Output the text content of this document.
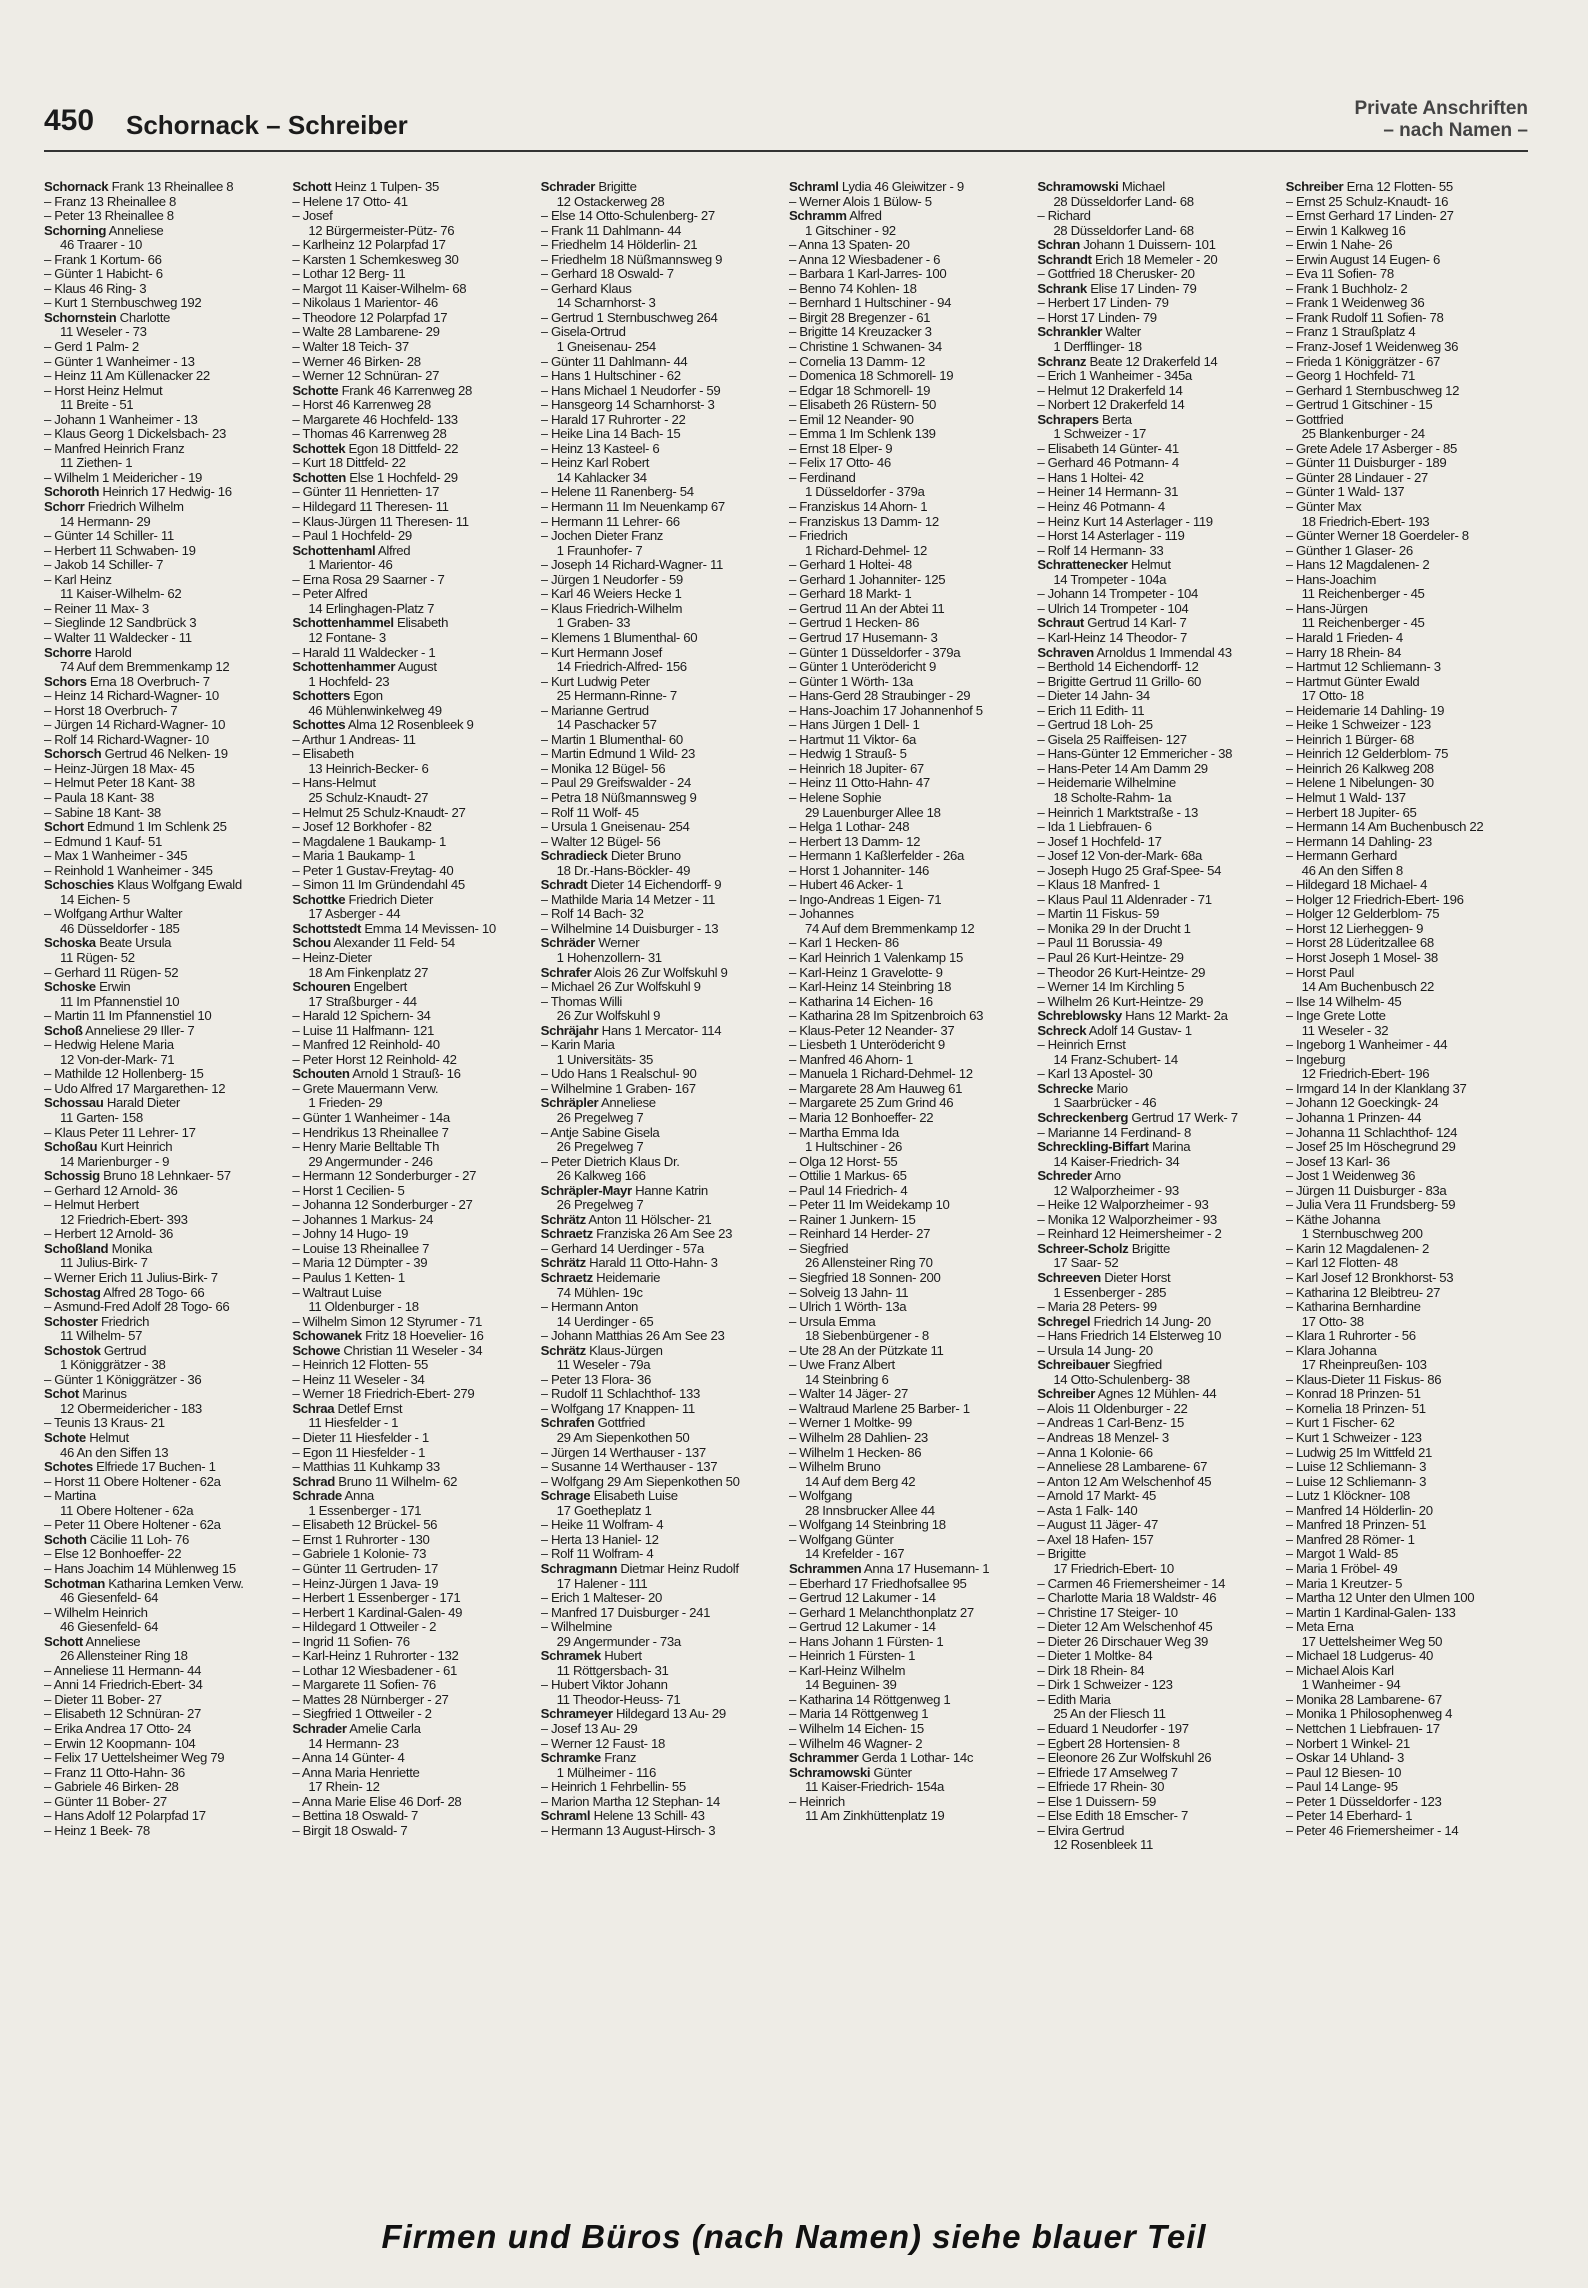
450 Schornack – Schreiber
Private Anschriften
– nach Namen –
Schornack Frank 13 Rheinallee 8
– Franz 13 Rheinallee 8
– Peter 13 Rheinallee 8
Schorning Anneliese
46 Traarer - 10
– Frank 1 Kortum- 66
– Günter 1 Habicht- 6
– Klaus 46 Ring- 3
– Kurt 1 Sternbuschweg 192
Schornstein Charlotte
11 Weseler - 73
– Gerd 1 Palm- 2
– Günter 1 Wanheimer - 13
– Heinz 11 Am Küllenacker 22
– Horst Heinz Helmut
11 Breite - 51
– Johann 1 Wanheimer - 13
– Klaus Georg 1 Dickelsbach- 23
– Manfred Heinrich Franz
11 Ziethen- 1
– Wilhelm 1 Meidericher - 19
Schoroth Heinrich 17 Hedwig- 16
Schorr Friedrich Wilhelm
14 Hermann- 29
– Günter 14 Schiller- 11
– Herbert 11 Schwaben- 19
– Jakob 14 Schiller- 7
– Karl Heinz
11 Kaiser-Wilhelm- 62
– Reiner 11 Max- 3
– Sieglinde 12 Sandbrück 3
– Walter 11 Waldecker - 11
Schorre Harold
74 Auf dem Bremmenkamp 12
Schors Erna 18 Overbruch- 7
– Heinz 14 Richard-Wagner- 10
– Horst 18 Overbruch- 7
– Jürgen 14 Richard-Wagner- 10
– Rolf 14 Richard-Wagner- 10
Schorsch Gertrud 46 Nelken- 19
– Heinz-Jürgen 18 Max- 45
– Helmut Peter 18 Kant- 38
– Paula 18 Kant- 38
– Sabine 18 Kant- 38
Schort Edmund 1 Im Schlenk 25
– Edmund 1 Kauf- 51
– Max 1 Wanheimer - 345
– Reinhold 1 Wanheimer - 345
Schoschies Klaus Wolfgang Ewald
14 Eichen- 5
– Wolfgang Arthur Walter
46 Düsseldorfer - 185
Schoska Beate Ursula
11 Rügen- 52
– Gerhard 11 Rügen- 52
Schoske Erwin
11 Im Pfannenstiel 10
– Martin 11 Im Pfannenstiel 10
Schoß Anneliese 29 Iller- 7
– Hedwig Helene Maria
12 Von-der-Mark- 71
– Mathilde 12 Hollenberg- 15
– Udo Alfred 17 Margarethen- 12
Schossau Harald Dieter
11 Garten- 158
– Klaus Peter 11 Lehrer- 17
Schoßau Kurt Heinrich
14 Marienburger - 9
Schossig Bruno 18 Lehnkaer- 57
– Gerhard 12 Arnold- 36
– Helmut Herbert
12 Friedrich-Ebert- 393
– Herbert 12 Arnold- 36
Schoßland Monika
11 Julius-Birk- 7
– Werner Erich 11 Julius-Birk- 7
Schostag Alfred 28 Togo- 66
– Asmund-Fred Adolf 28 Togo- 66
Schoster Friedrich
11 Wilhelm- 57
Schostok Gertrud
1 Königgrätzer - 38
– Günter 1 Königgrätzer - 36
Schot Marinus
12 Obermeidericher - 183
– Teunis 13 Kraus- 21
Schote Helmut
46 An den Siffen 13
Schotes Elfriede 17 Buchen- 1
– Horst 11 Obere Holtener - 62a
– Martina
11 Obere Holtener - 62a
– Peter 11 Obere Holtener - 62a
Schoth Cäcilie 11 Loh- 76
– Else 12 Bonhoeffer- 22
– Hans Joachim 14 Mühlenweg 15
Schotman Katharina Lemken Verw.
46 Giesenfeld- 64
– Wilhelm Heinrich
46 Giesenfeld- 64
Schott Anneliese
26 Allensteiner Ring 18
– Anneliese 11 Hermann- 44
– Anni 14 Friedrich-Ebert- 34
– Dieter 11 Bober- 27
– Elisabeth 12 Schnüran- 27
– Erika Andrea 17 Otto- 24
– Erwin 12 Koopmann- 104
– Felix 17 Uettelsheimer Weg 79
– Franz 11 Otto-Hahn- 36
– Gabriele 46 Birken- 28
– Günter 11 Bober- 27
– Hans Adolf 12 Polarpfad 17
– Heinz 1 Beek- 78
Schott Heinz 1 Tulpen- 35
– Helene 17 Otto- 41
– Josef
12 Bürgermeister-Pütz- 76
– Karlheinz 12 Polarpfad 17
– Karsten 1 Schemkesweg 30
– Lothar 12 Berg- 11
– Margot 11 Kaiser-Wilhelm- 68
– Nikolaus 1 Marientor- 46
– Theodore 12 Polarpfad 17
– Walte 28 Lambarene- 29
– Walter 18 Teich- 37
– Werner 46 Birken- 28
– Werner 12 Schnüran- 27
Schotte Frank 46 Karrenweg 28
– Horst 46 Karrenweg 28
– Margarete 46 Hochfeld- 133
– Thomas 46 Karrenweg 28
Schottek Egon 18 Dittfeld- 22
– Kurt 18 Dittfeld- 22
Schotten Else 1 Hochfeld- 29
– Günter 11 Henrietten- 17
– Hildegard 11 Theresen- 11
– Klaus-Jürgen 11 Theresen- 11
– Paul 1 Hochfeld- 29
Schottenhaml Alfred
1 Marientor- 46
– Erna Rosa 29 Saarner - 7
– Peter Alfred
14 Erlinghagen-Platz 7
Schottenhammel Elisabeth
12 Fontane- 3
– Harald 11 Waldecker - 1
Schottenhammer August
1 Hochfeld- 23
Schotters Egon
46 Mühlenwinkelweg 49
Schottes Alma 12 Rosenbleek 9
– Arthur 1 Andreas- 11
– Elisabeth
13 Heinrich-Becker- 6
– Hans-Helmut
25 Schulz-Knaudt- 27
– Helmut 25 Schulz-Knaudt- 27
– Josef 12 Borkhofer - 82
– Magdalene 1 Baukamp- 1
– Maria 1 Baukamp- 1
– Peter 1 Gustav-Freytag- 40
– Simon 11 Im Gründendahl 45
Schottke Friedrich Dieter
17 Asberger - 44
Schottstedt Emma 14 Mevissen- 10
Schou Alexander 11 Feld- 54
– Heinz-Dieter
18 Am Finkenplatz 27
Schouren Engelbert
17 Straßburger - 44
– Harald 12 Spichern- 34
– Luise 11 Halfmann- 121
– Manfred 12 Reinhold- 40
– Peter Horst 12 Reinhold- 42
Schouten Arnold 1 Strauß- 16
– Grete Mauermann Verw.
1 Frieden- 29
– Günter 1 Wanheimer - 14a
– Hendrikus 13 Rheinallee 7
– Henry Marie Belltable Th
29 Angermunder - 246
– Hermann 12 Sonderburger - 27
– Horst 1 Cecilien- 5
– Johanna 12 Sonderburger - 27
– Johannes 1 Markus- 24
– Johny 14 Hugo- 19
– Louise 13 Rheinallee 7
– Maria 12 Dümpter - 39
– Paulus 1 Ketten- 1
– Waltraut Luise
11 Oldenburger - 18
– Wilhelm Simon 12 Styrumer - 71
Schowanek Fritz 18 Hoevelier- 16
Schowe Christian 11 Weseler - 34
– Heinrich 12 Flotten- 55
– Heinz 11 Weseler - 34
– Werner 18 Friedrich-Ebert- 279
Schraa Detlef Ernst
11 Hiesfelder - 1
– Dieter 11 Hiesfelder - 1
– Egon 11 Hiesfelder - 1
– Matthias 11 Kuhkamp 33
Schrad Bruno 11 Wilhelm- 62
Schrade Anna
1 Essenberger - 171
– Elisabeth 12 Brückel- 56
– Ernst 1 Ruhrorter - 130
– Gabriele 1 Kolonie- 73
– Günter 11 Gertruden- 17
– Heinz-Jürgen 1 Java- 19
– Herbert 1 Essenberger - 171
– Herbert 1 Kardinal-Galen- 49
– Hildegard 1 Ottweiler - 2
– Ingrid 11 Sofien- 76
– Karl-Heinz 1 Ruhrorter - 132
– Lothar 12 Wiesbadener - 61
– Margarete 11 Sofien- 76
– Mattes 28 Nürnberger - 27
– Siegfried 1 Ottweiler - 2
Schrader Amelie Carla
14 Hermann- 23
– Anna 14 Günter- 4
– Anna Maria Henriette
17 Rhein- 12
– Anna Marie Elise 46 Dorf- 28
– Bettina 18 Oswald- 7
– Birgit 18 Oswald- 7
Schrader Brigitte
12 Ostackerweg 28
– Else 14 Otto-Schulenberg- 27
– Frank 11 Dahlmann- 44
– Friedhelm 14 Hölderlin- 21
– Friedhelm 18 Nüßmannsweg 9
– Gerhard 18 Oswald- 7
– Gerhard Klaus
14 Scharnhorst- 3
– Gertrud 1 Sternbuschweg 264
– Gisela-Ortrud
1 Gneisenau- 254
– Günter 11 Dahlmann- 44
– Hans 1 Hultschiner - 62
– Hans Michael 1 Neudorfer - 59
– Hansgeorg 14 Scharnhorst- 3
– Harald 17 Ruhrorter - 22
– Heike Lina 14 Bach- 15
– Heinz 13 Kasteel- 6
– Heinz Karl Robert
14 Kahlacker 34
– Helene 11 Ranenberg- 54
– Hermann 11 Im Neuenkamp 67
– Hermann 11 Lehrer- 66
– Jochen Dieter Franz
1 Fraunhofer- 7
– Joseph 14 Richard-Wagner- 11
– Jürgen 1 Neudorfer - 59
– Karl 46 Weiers Hecke 1
– Klaus Friedrich-Wilhelm
1 Graben- 33
– Klemens 1 Blumenthal- 60
– Kurt Hermann Josef
14 Friedrich-Alfred- 156
– Kurt Ludwig Peter
25 Hermann-Rinne- 7
– Marianne Gertrud
14 Paschacker 57
– Martin 1 Blumenthal- 60
– Martin Edmund 1 Wild- 23
– Monika 12 Bügel- 56
– Paul 29 Greifswalder - 24
– Petra 18 Nüßmannsweg 9
– Rolf 11 Wolf- 45
– Ursula 1 Gneisenau- 254
– Walter 12 Bügel- 56
Schradieck Dieter Bruno
18 Dr.-Hans-Böckler- 49
Schradt Dieter 14 Eichendorff- 9
– Mathilde Maria 14 Metzer - 11
– Rolf 14 Bach- 32
– Wilhelmine 14 Duisburger - 13
Schräder Werner
1 Hohenzollern- 31
Schrafer Alois 26 Zur Wolfskuhl 9
– Michael 26 Zur Wolfskuhl 9
– Thomas Willi
26 Zur Wolfskuhl 9
Schräjahr Hans 1 Mercator- 114
– Karin Maria
1 Universitäts- 35
– Udo Hans 1 Realschul- 90
– Wilhelmine 1 Graben- 167
Schräpler Anneliese
26 Pregelweg 7
– Antje Sabine Gisela
26 Pregelweg 7
– Peter Dietrich Klaus Dr.
26 Kalkweg 166
Schräpler-Mayr Hanne Katrin
26 Pregelweg 7
Schrätz Anton 11 Hölscher- 21
Schraetz Franziska 26 Am See 23
– Gerhard 14 Uerdinger - 57a
Schrätz Harald 11 Otto-Hahn- 3
Schraetz Heidemarie
74 Mühlen- 19c
– Hermann Anton
14 Uerdinger - 65
– Johann Matthias 26 Am See 23
Schrätz Klaus-Jürgen
11 Weseler - 79a
– Peter 13 Flora- 36
– Rudolf 11 Schlachthof- 133
– Wolfgang 17 Knappen- 11
Schrafen Gottfried
29 Am Siepenkothen 50
– Jürgen 14 Werthauser - 137
– Susanne 14 Werthauser - 137
– Wolfgang 29 Am Siepenkothen 50
Schrage Elisabeth Luise
17 Goetheplatz 1
– Heike 11 Wolfram- 4
– Herta 13 Haniel- 12
– Rolf 11 Wolfram- 4
Schragmann Dietmar Heinz Rudolf
17 Halener - 111
– Erich 1 Malteser- 20
– Manfred 17 Duisburger - 241
– Wilhelmine
29 Angermunder - 73a
Schramek Hubert
11 Röttgersbach- 31
– Hubert Viktor Johann
11 Theodor-Heuss- 71
Schrameyer Hildegard 13 Au- 29
– Josef 13 Au- 29
– Werner 12 Faust- 18
Schramke Franz
1 Mülheimer - 116
– Heinrich 1 Fehrbellin- 55
– Marion Martha 12 Stephan- 14
Schraml Helene 13 Schill- 43
– Hermann 13 August-Hirsch- 3
Schraml Lydia 46 Gleiwitzer - 9
– Werner Alois 1 Bülow- 5
Schramm Alfred
1 Gitschiner - 92
– Anna 13 Spaten- 20
– Anna 12 Wiesbadener - 6
– Barbara 1 Karl-Jarres- 100
– Benno 74 Kohlen- 18
– Bernhard 1 Hultschiner - 94
– Birgit 28 Bregenzer - 61
– Brigitte 14 Kreuzacker 3
– Christine 1 Schwanen- 34
– Cornelia 13 Damm- 12
– Domenica 18 Schmorell- 19
– Edgar 18 Schmorell- 19
– Elisabeth 26 Rüstern- 50
– Emil 12 Neander- 90
– Emma 1 Im Schlenk 139
– Ernst 18 Elper- 9
– Felix 17 Otto- 46
– Ferdinand
1 Düsseldorfer - 379a
– Franziskus 14 Ahorn- 1
– Franziskus 13 Damm- 12
– Friedrich
1 Richard-Dehmel- 12
– Gerhard 1 Holtei- 48
– Gerhard 1 Johanniter- 125
– Gerhard 18 Markt- 1
– Gertrud 11 An der Abtei 11
– Gertrud 1 Hecken- 86
– Gertrud 17 Husemann- 3
– Günter 1 Düsseldorfer - 379a
– Günter 1 Unterödericht 9
– Günter 1 Wörth- 13a
– Hans-Gerd 28 Straubinger - 29
– Hans-Joachim 17 Johannenhof 5
– Hans Jürgen 1 Dell- 1
– Hartmut 11 Viktor- 6a
– Hedwig 1 Strauß- 5
– Heinrich 18 Jupiter- 67
– Heinz 11 Otto-Hahn- 47
– Helene Sophie
29 Lauenburger Allee 18
– Helga 1 Lothar- 248
– Herbert 13 Damm- 12
– Hermann 1 Kaßlerfelder - 26a
– Horst 1 Johanniter- 146
– Hubert 46 Acker- 1
– Ingo-Andreas 1 Eigen- 71
– Johannes
74 Auf dem Bremmenkamp 12
– Karl 1 Hecken- 86
– Karl Heinrich 1 Valenkamp 15
– Karl-Heinz 1 Gravelotte- 9
– Karl-Heinz 14 Steinbring 18
– Katharina 14 Eichen- 16
– Katharina 28 Im Spitzenbroich 63
– Klaus-Peter 12 Neander- 37
– Liesbeth 1 Unterödericht 9
– Manfred 46 Ahorn- 1
– Manuela 1 Richard-Dehmel- 12
– Margarete 28 Am Hauweg 61
– Margarete 25 Zum Grind 46
– Maria 12 Bonhoeffer- 22
– Martha Emma Ida
1 Hultschiner - 26
– Olga 12 Horst- 55
– Ottilie 1 Markus- 65
– Paul 14 Friedrich- 4
– Peter 11 Im Weidekamp 10
– Rainer 1 Junkern- 15
– Reinhard 14 Herder- 27
– Siegfried
26 Allensteiner Ring 70
– Siegfried 18 Sonnen- 200
– Solveig 13 Jahn- 11
– Ulrich 1 Wörth- 13a
– Ursula Emma
18 Siebenbürgener - 8
– Ute 28 An der Pützkate 11
– Uwe Franz Albert
14 Steinbring 6
– Walter 14 Jäger- 27
– Waltraud Marlene 25 Barber- 1
– Werner 1 Moltke- 99
– Wilhelm 28 Dahlien- 23
– Wilhelm 1 Hecken- 86
– Wilhelm Bruno
14 Auf dem Berg 42
– Wolfgang
28 Innsbrucker Allee 44
– Wolfgang 14 Steinbring 18
– Wolfgang Günter
14 Krefelder - 167
Schrammen Anna 17 Husemann- 1
– Eberhard 17 Friedhofsallee 95
– Gertrud 12 Lakumer - 14
– Gerhard 1 Melanchthonplatz 27
– Gertrud 12 Lakumer - 14
– Hans Johann 1 Fürsten- 1
– Heinrich 1 Fürsten- 1
– Karl-Heinz Wilhelm
14 Beguinen- 39
– Katharina 14 Röttgenweg 1
– Maria 14 Röttgenweg 1
– Wilhelm 14 Eichen- 15
– Wilhelm 46 Wagner- 2
Schrammer Gerda 1 Lothar- 14c
Schramowski Günter
11 Kaiser-Friedrich- 154a
– Heinrich
11 Am Zinkhüttenplatz 19
Schramowski Michael
28 Düsseldorfer Land- 68
– Richard
28 Düsseldorfer Land- 68
Schran Johann 1 Duissern- 101
Schrandt Erich 18 Memeler - 20
– Gottfried 18 Cherusker- 20
Schrank Elise 17 Linden- 79
– Herbert 17 Linden- 79
– Horst 17 Linden- 79
Schrankler Walter
1 Derfflinger- 18
Schranz Beate 12 Drakerfeld 14
– Erich 1 Wanheimer - 345a
– Helmut 12 Drakerfeld 14
– Norbert 12 Drakerfeld 14
Schrapers Berta
1 Schweizer - 17
– Elisabeth 14 Günter- 41
– Gerhard 46 Potmann- 4
– Hans 1 Holtei- 42
– Heiner 14 Hermann- 31
– Heinz 46 Potmann- 4
– Heinz Kurt 14 Asterlager - 119
– Horst 14 Asterlager - 119
– Rolf 14 Hermann- 33
Schrattenecker Helmut
14 Trompeter - 104a
– Johann 14 Trompeter - 104
– Ulrich 14 Trompeter - 104
Schraut Gertrud 14 Karl- 7
– Karl-Heinz 14 Theodor- 7
Schraven Arnoldus 1 Immendal 43
– Berthold 14 Eichendorff- 12
– Brigitte Gertrud 11 Grillo- 60
– Dieter 14 Jahn- 34
– Erich 11 Edith- 11
– Gertrud 18 Loh- 25
– Gisela 25 Raiffeisen- 127
– Hans-Günter 12 Emmericher - 38
– Hans-Peter 14 Am Damm 29
– Heidemarie Wilhelmine
18 Scholte-Rahm- 1a
– Heinrich 1 Marktstraße - 13
– Ida 1 Liebfrauen- 6
– Josef 1 Hochfeld- 17
– Josef 12 Von-der-Mark- 68a
– Joseph Hugo 25 Graf-Spee- 54
– Klaus 18 Manfred- 1
– Klaus Paul 11 Aldenrader - 71
– Martin 11 Fiskus- 59
– Monika 29 In der Drucht 1
– Paul 11 Borussia- 49
– Paul 26 Kurt-Heintze- 29
– Theodor 26 Kurt-Heintze- 29
– Werner 14 Im Kirchling 5
– Wilhelm 26 Kurt-Heintze- 29
Schreblowsky Hans 12 Markt- 2a
Schreck Adolf 14 Gustav- 1
– Heinrich Ernst
14 Franz-Schubert- 14
– Karl 13 Apostel- 30
Schrecke Mario
1 Saarbrücker - 46
Schreckenberg Gertrud 17 Werk- 7
– Marianne 14 Ferdinand- 8
Schreckling-Biffart Marina
14 Kaiser-Friedrich- 34
Schreder Arno
12 Walporzheimer - 93
– Heike 12 Walporzheimer - 93
– Monika 12 Walporzheimer - 93
– Reinhard 12 Heimersheimer - 2
Schreer-Scholz Brigitte
17 Saar- 52
Schreeven Dieter Horst
1 Essenberger - 285
– Maria 28 Peters- 99
Schregel Friedrich 14 Jung- 20
– Hans Friedrich 14 Elsterweg 10
– Ursula 14 Jung- 20
Schreibauer Siegfried
14 Otto-Schulenberg- 38
Schreiber Agnes 12 Mühlen- 44
– Alois 11 Oldenburger - 22
– Andreas 1 Carl-Benz- 15
– Andreas 18 Menzel- 3
– Anna 1 Kolonie- 66
– Anneliese 28 Lambarene- 67
– Anton 12 Am Welschenhof 45
– Arnold 17 Markt- 45
– Asta 1 Falk- 140
– August 11 Jäger- 47
– Axel 18 Hafen- 157
– Brigitte
17 Friedrich-Ebert- 10
– Carmen 46 Friemersheimer - 14
– Charlotte Maria 18 Waldstr- 46
– Christine 17 Steiger- 10
– Dieter 12 Am Welschenhof 45
– Dieter 26 Dirschauer Weg 39
– Dieter 1 Moltke- 84
– Dirk 18 Rhein- 84
– Dirk 1 Schweizer - 123
– Edith Maria
25 An der Fliesch 11
– Eduard 1 Neudorfer - 197
– Egbert 28 Hortensien- 8
– Eleonore 26 Zur Wolfskuhl 26
– Elfriede 17 Amselweg 7
– Elfriede 17 Rhein- 30
– Else 1 Duissern- 59
– Else Edith 18 Emscher- 7
– Elvira Gertrud
12 Rosenbleek 11
Schreiber Erna 12 Flotten- 55
– Ernst 25 Schulz-Knaudt- 16
– Ernst Gerhard 17 Linden- 27
– Erwin 1 Kalkweg 16
– Erwin 1 Nahe- 26
– Erwin August 14 Eugen- 6
– Eva 11 Sofien- 78
– Frank 1 Buchholz- 2
– Frank 1 Weidenweg 36
– Frank Rudolf 11 Sofien- 78
– Franz 1 Straußplatz 4
– Franz-Josef 1 Weidenweg 36
– Frieda 1 Königgrätzer - 67
– Georg 1 Hochfeld- 71
– Gerhard 1 Sternbuschweg 12
– Gertrud 1 Gitschiner - 15
– Gottfried
25 Blankenburger - 24
– Grete Adele 17 Asberger - 85
– Günter 11 Duisburger - 189
– Günter 28 Lindauer - 27
– Günter 1 Wald- 137
– Günter Max
18 Friedrich-Ebert- 193
– Günter Werner 18 Goerdeler- 8
– Günther 1 Glaser- 26
– Hans 12 Magdalenen- 2
– Hans-Joachim
11 Reichenberger - 45
– Hans-Jürgen
11 Reichenberger - 45
– Harald 1 Frieden- 4
– Harry 18 Rhein- 84
– Hartmut 12 Schliemann- 3
– Hartmut Günter Ewald
17 Otto- 18
– Heidemarie 14 Dahling- 19
– Heike 1 Schweizer - 123
– Heinrich 1 Bürger- 68
– Heinrich 12 Gelderblom- 75
– Heinrich 26 Kalkweg 208
– Helene 1 Nibelungen- 30
– Helmut 1 Wald- 137
– Herbert 18 Jupiter- 65
– Hermann 14 Am Buchenbusch 22
– Hermann 14 Dahling- 23
– Hermann Gerhard
46 An den Siffen 8
– Hildegard 18 Michael- 4
– Holger 12 Friedrich-Ebert- 196
– Holger 12 Gelderblom- 75
– Horst 12 Lierheggen- 9
– Horst 28 Lüderitzallee 68
– Horst Joseph 1 Mosel- 38
– Horst Paul
14 Am Buchenbusch 22
– Ilse 14 Wilhelm- 45
– Inge Grete Lotte
11 Weseler - 32
– Ingeborg 1 Wanheimer - 44
– Ingeburg
12 Friedrich-Ebert- 196
– Irmgard 14 In der Klanklang 37
– Johann 12 Goeckingk- 24
– Johanna 1 Prinzen- 44
– Johanna 11 Schlachthof- 124
– Josef 25 Im Höschegrund 29
– Josef 13 Karl- 36
– Jost 1 Weidenweg 36
– Jürgen 11 Duisburger - 83a
– Julia Vera 11 Frundsberg- 59
– Käthe Johanna
1 Sternbuschweg 200
– Karin 12 Magdalenen- 2
– Karl 12 Flotten- 48
– Karl Josef 12 Bronkhorst- 53
– Katharina 12 Bleibtreu- 27
– Katharina Bernhardine
17 Otto- 38
– Klara 1 Ruhrorter - 56
– Klara Johanna
17 Rheinpreußen- 103
– Klaus-Dieter 11 Fiskus- 86
– Konrad 18 Prinzen- 51
– Kornelia 18 Prinzen- 51
– Kurt 1 Fischer- 62
– Kurt 1 Schweizer - 123
– Ludwig 25 Im Wittfeld 21
– Luise 12 Schliemann- 3
– Luise 12 Schliemann- 3
– Lutz 1 Klöckner- 108
– Manfred 14 Hölderlin- 20
– Manfred 18 Prinzen- 51
– Manfred 28 Römer- 1
– Margot 1 Wald- 85
– Maria 1 Fröbel- 49
– Maria 1 Kreutzer- 5
– Martha 12 Unter den Ulmen 100
– Martin 1 Kardinal-Galen- 133
– Meta Erna
17 Uettelsheimer Weg 50
– Michael 18 Ludgerus- 40
– Michael Alois Karl
1 Wanheimer - 94
– Monika 28 Lambarene- 67
– Monika 1 Philosophenweg 4
– Nettchen 1 Liebfrauen- 17
– Norbert 1 Winkel- 21
– Oskar 14 Uhland- 3
– Paul 12 Biesen- 10
– Paul 14 Lange- 95
– Peter 1 Düsseldorfer - 123
– Peter 14 Eberhard- 1
– Peter 46 Friemersheimer - 14
Firmen und Büros (nach Namen) siehe blauer Teil
